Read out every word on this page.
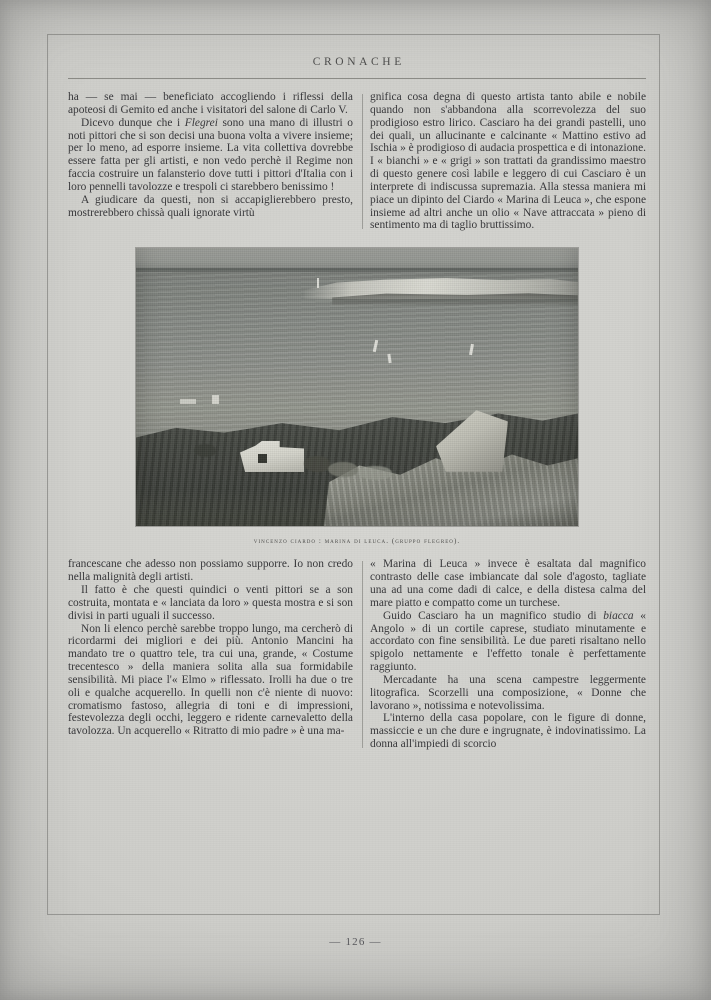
CRONACHE

ha — se mai — beneficiato accogliendo i riflessi della apoteosi di Gemito ed anche i visitatori del salone di Carlo V.

Dicevo dunque che i Flegrei sono una mano di illustri o noti pittori che si son decisi una buona volta a vivere insieme; per lo meno, ad esporre insieme. La vita collettiva dovrebbe essere fatta per gli artisti, e non vedo perchè il Regime non faccia costruire un falansterio dove tutti i pittori d'Italia con i loro pennelli tavolozze e trespoli ci starebbero benissimo !

A giudicare da questi, non si accapiglierebbero presto, mostrerebbero chissà quali ignorate virtù

gnifica cosa degna di questo artista tanto abile e nobile quando non s'abbandona alla scorrevolezza del suo prodigioso estro lirico. Casciaro ha dei grandi pastelli, uno dei quali, un allucinante e calcinante « Mattino estivo ad Ischia » è prodigioso di audacia prospettica e di intonazione. I « bianchi » e « grigi » son trattati da grandissimo maestro di questo genere così labile e leggero di cui Casciaro è un interprete di indiscussa supremazia. Alla stessa maniera mi piace un dipinto del Ciardo « Marina di Leuca », che espone insieme ad altri anche un olio « Nave attraccata » pieno di sentimento ma di taglio bruttissimo.

vincenzo ciardo : marina di leuca. (gruppo flegreo).

francescane che adesso non possiamo supporre. Io non credo nella malignità degli artisti.

Il fatto è che questi quindici o venti pittori se a son costruita, montata e « lanciata da loro » questa mostra e si son divisi in parti uguali il successo.

Non li elenco perchè sarebbe troppo lungo, ma cercherò di ricordarmi dei migliori e dei più. Antonio Mancini ha mandato tre o quattro tele, tra cui una, grande, « Costume trecentesco » della maniera solita alla sua formidabile sensibilità. Mi piace l'« Elmo » riflessato. Irolli ha due o tre oli e qualche acquerello. In quelli non c'è niente di nuovo: cromatismo fastoso, allegria di toni e di impressioni, festevolezza degli occhi, leggero e ridente carnevaletto della tavolozza. Un acquerello « Ritratto di mio padre » è una ma-

« Marina di Leuca » invece è esaltata dal magnifico contrasto delle case imbiancate dal sole d'agosto, tagliate una ad una come dadi di calce, e della distesa calma del mare piatto e compatto come un turchese.

Guido Casciaro ha un magnifico studio di biacca « Angolo » di un cortile caprese, studiato minutamente e accordato con fine sensibilità. Le due pareti risaltano nello spigolo nettamente e l'effetto tonale è perfettamente raggiunto.

Mercadante ha una scena campestre leggermente litografica. Scorzelli una composizione, « Donne che lavorano », notissima e notevolissima.

L'interno della casa popolare, con le figure di donne, massiccie e un che dure e ingrugnate, è indovinatissimo. La donna all'impiedi di scorcio

— 126 —
